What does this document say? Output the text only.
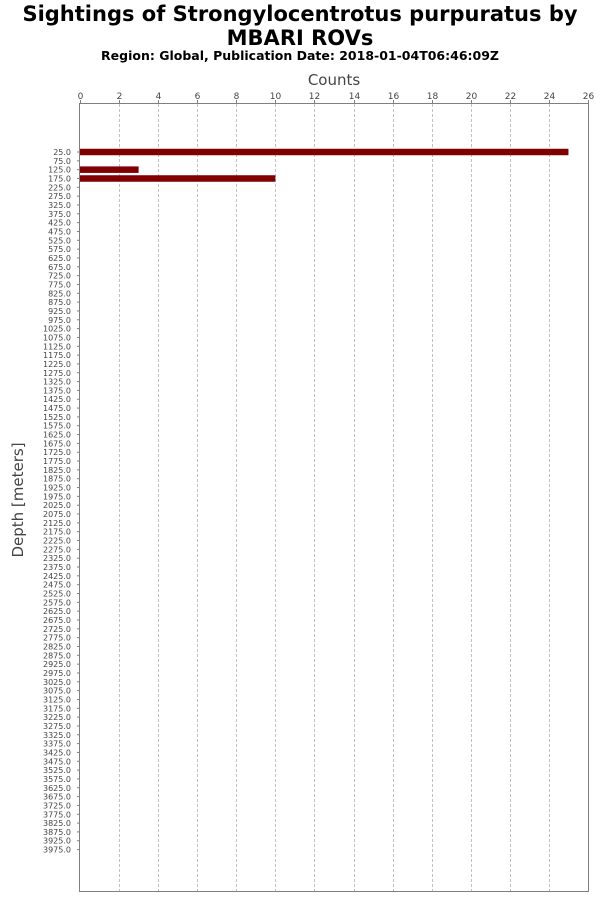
Sightings of Strongylocentrotus purpuratus by MBARI ROVs
Region: Global, Publication Date: 2018-01-04T06:46:09Z
0	2	4	6	8	10	12	14	16	18	20	22	24	26
25.0
75.0
125.0
175.0
225.0
275.0
325.0
375.0
425.0
475.0
525.0
575.0
625.0
675.0
725.0
775.0
825.0
875.0
925.0
975.0
1025.0
1075.0
1125.0
1175.0
1225.0
1275.0
1325.0
1375.0
1425.0
1475.0
1525.0
1575.0
1625.0
1675.0
1725.0
1775.0
1825.0
1875.0
1925.0
1975.0
2025.0
2075.0
2125.0
2175.0
2225.0
2275.0
2325.0
2375.0
2425.0
2475.0
2525.0
2575.0
2625.0
2675.0
2725.0
2775.0
2825.0
2875.0
2925.0
2975.0
3025.0
3075.0
3125.0
3175.0
3225.0
3275.0
3325.0
3375.0
3425.0
3475.0
3525.0
3575.0
3625.0
3675.0
3725.0
3775.0
3825.0
3875.0
3925.0
3975.0
Counts
Depth [meters]
